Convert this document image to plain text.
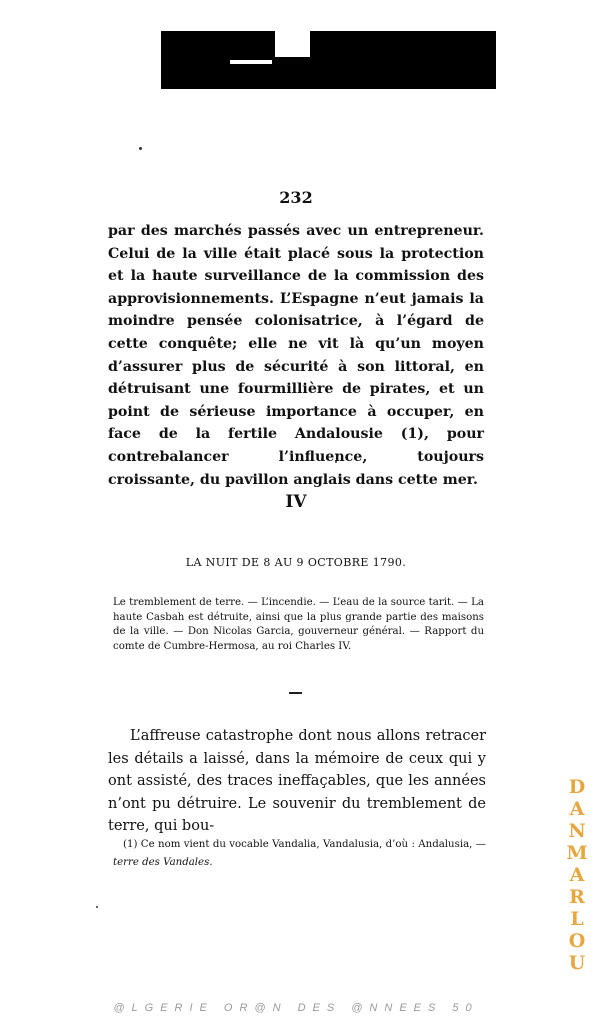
232
par des marchés passés avec un entrepreneur. Celui de la ville était placé sous la protection et la haute surveillance de la commission des approvisionnements. L’Espagne n’eut jamais la moindre pensée colonisatrice, à l’égard de cette conquête; elle ne vit là qu’un moyen d’assurer plus de sécurité à son littoral, en détruisant une fourmillière de pirates, et un point de sérieuse importance à occuper, en face de la fertile Andalousie (1), pour contrebalancer l’influence, toujours croissante, du pavillon anglais dans cette mer.
IV
LA NUIT DE 8 AU 9 OCTOBRE 1790.
Le tremblement de terre. — L’incendie. — L’eau de la source tarit. — La haute Casbah est détruite, ainsi que la plus grande partie des maisons de la ville. — Don Nicolas Garcia, gouverneur général. — Rapport du comte de Cumbre-Hermosa, au roi Charles IV.
L’affreuse catastrophe dont nous allons retracer les détails a laissé, dans la mémoire de ceux qui y ont assisté, des traces ineffaçables, que les années n’ont pu détruire. Le souvenir du tremblement de terre, qui bou-
(1) Ce nom vient du vocable Vandalia, Vandalusia, d’où : Andalusia, — terre des Vandales.
D
A
N
M
A
R
L
O
U
@LGERIE OR@N DES @NNEES 50
